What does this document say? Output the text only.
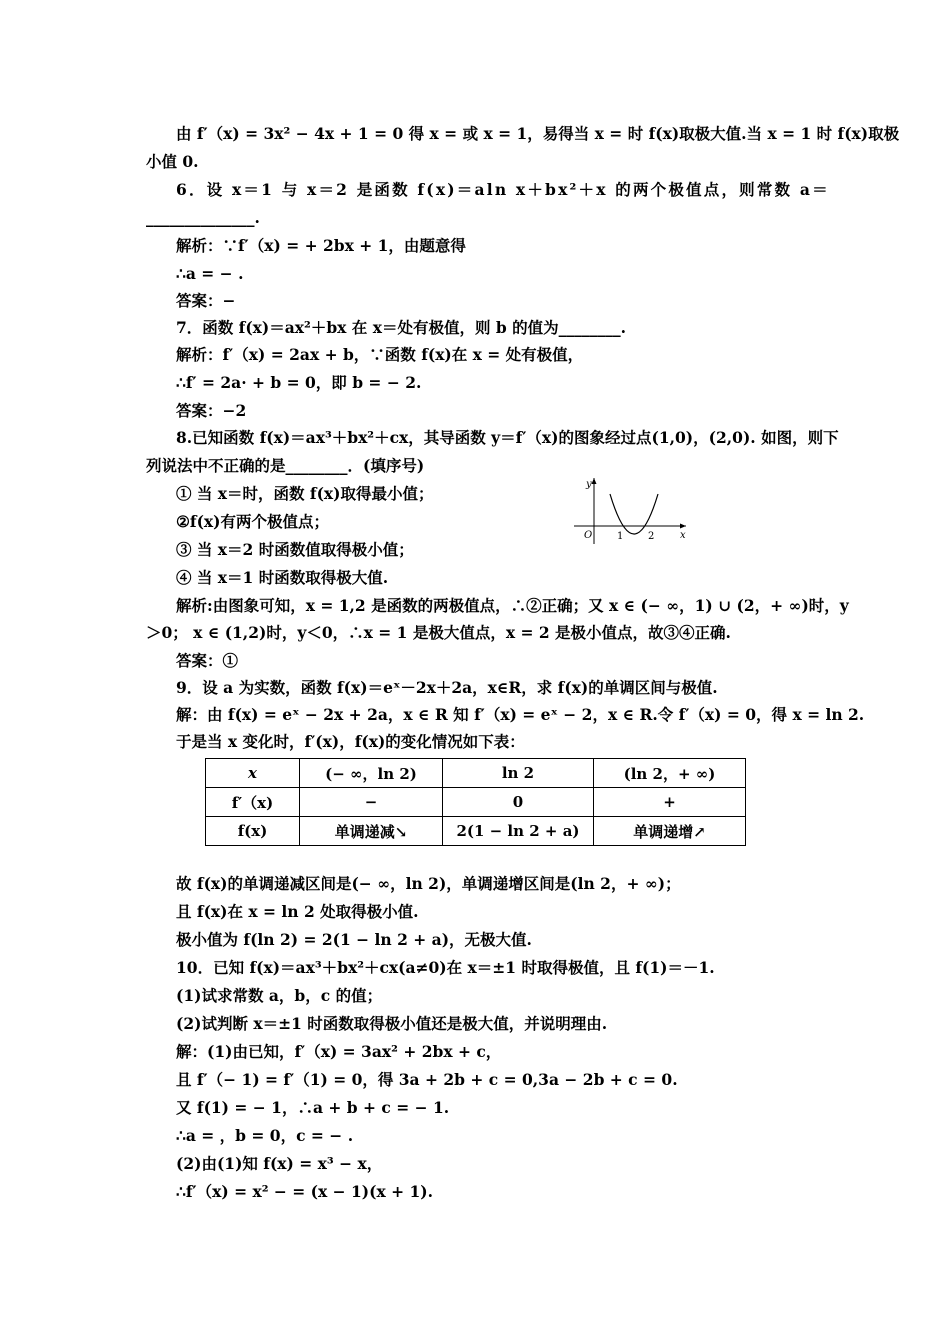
由 f′（x) = 3x² − 4x + 1 = 0 得 x = 或 x = 1，易得当 x = 时 f(x)取极大值.当 x = 1 时 f(x)取极
小值 0.
6．设 x＝1 与 x＝2 是函数 f(x)＝aln x＋bx²＋x 的两个极值点，则常数 a＝
______________.
解析：∵f′（x) = + 2bx + 1，由题意得
∴a = − .
答案：−
7．函数 f(x)＝ax²＋bx 在 x＝处有极值，则 b 的值为________.
解析：f′（x) = 2ax + b，∵函数 f(x)在 x = 处有极值，
∴f′ = 2a· + b = 0，即 b = − 2.
答案：−2
8.已知函数 f(x)＝ax³＋bx²＋cx，其导函数 y＝f′（x)的图象经过点(1,0)，(2,0). 如图，则下
列说法中不正确的是________．(填序号)
① 当 x＝时，函数 f(x)取得最小值；
②f(x)有两个极值点；
③ 当 x＝2 时函数值取得极小值；
④ 当 x＝1 时函数取得极大值.
y
x
O 1 2
解析:由图象可知，x = 1,2 是函数的两极值点，∴②正确；又 x ∈ (− ∞，1) ∪ (2，+ ∞)时，y
＞0； x ∈ (1,2)时，y＜0，∴x = 1 是极大值点，x = 2 是极小值点，故③④正确.
答案：①
9．设 a 为实数，函数 f(x)＝eˣ－2x＋2a，x∈R，求 f(x)的单调区间与极值.
解：由 f(x) = eˣ − 2x + 2a，x ∈ R 知 f′（x) = eˣ − 2，x ∈ R.令 f′（x) = 0，得 x = ln 2.
于是当 x 变化时，f′(x)，f(x)的变化情况如下表：
x	(− ∞，ln 2)	ln 2	(ln 2，+ ∞)
f′（x)	−	0	+
f(x)	单调递减↘	2(1 − ln 2 + a)	单调递增↗
故 f(x)的单调递减区间是(− ∞，ln 2)，单调递增区间是(ln 2，+ ∞)；
且 f(x)在 x = ln 2 处取得极小值.
极小值为 f(ln 2) = 2(1 − ln 2 + a)，无极大值.
10．已知 f(x)＝ax³＋bx²＋cx(a≠0)在 x＝±1 时取得极值，且 f(1)＝－1.
(1)试求常数 a，b，c 的值；
(2)试判断 x＝±1 时函数取得极小值还是极大值，并说明理由.
解：(1)由已知，f′（x) = 3ax² + 2bx + c，
且 f′（− 1) = f′（1) = 0，得 3a + 2b + c = 0,3a − 2b + c = 0.
又 f(1) = − 1，∴a + b + c = − 1.
∴a = ，b = 0，c = − .
(2)由(1)知 f(x) = x³ − x，
∴f′（x) = x² − = (x − 1)(x + 1).
